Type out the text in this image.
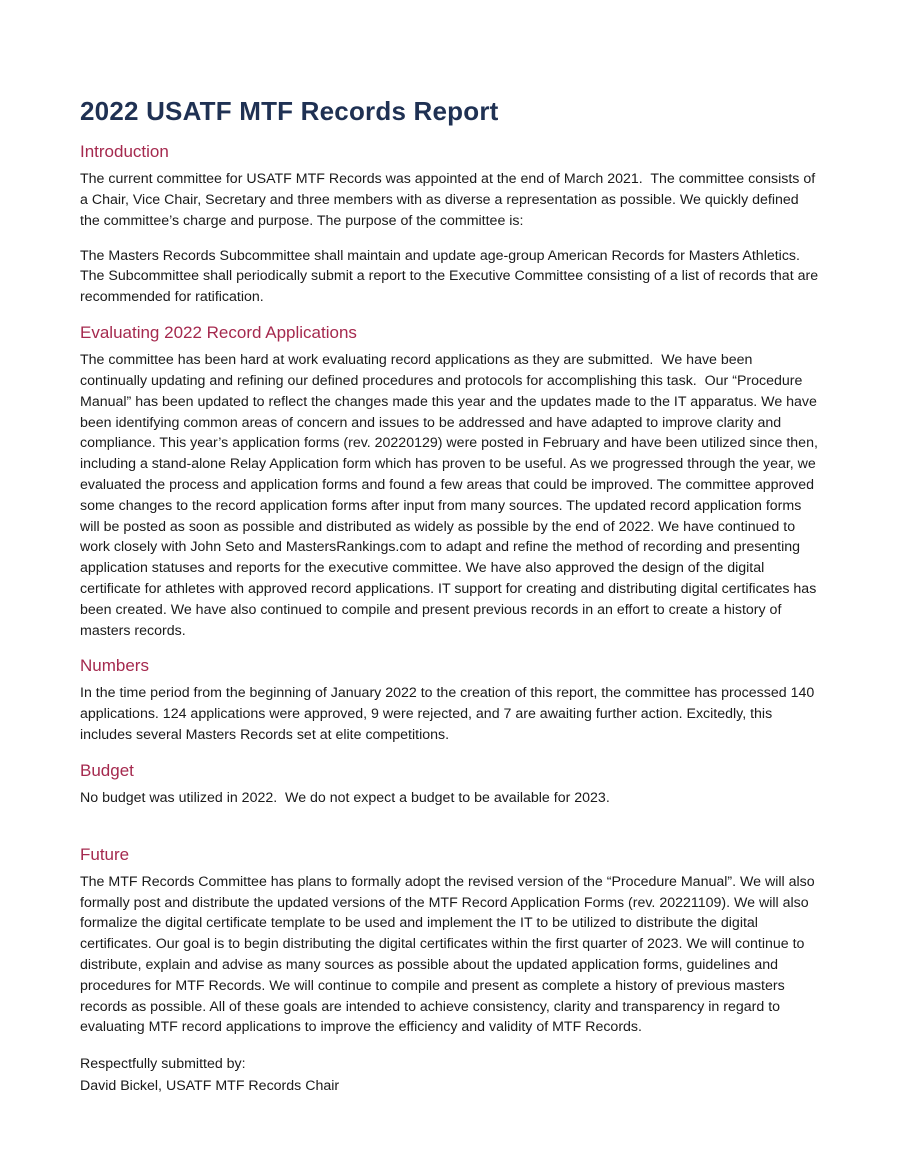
2022 USATF MTF Records Report
Introduction

The current committee for USATF MTF Records was appointed at the end of March 2021.  The committee consists of a Chair, Vice Chair, Secretary and three members with as diverse a representation as possible. We quickly defined the committee’s charge and purpose. The purpose of the committee is:

The Masters Records Subcommittee shall maintain and update age-group American Records for Masters Athletics. The Subcommittee shall periodically submit a report to the Executive Committee consisting of a list of records that are recommended for ratification.

Evaluating 2022 Record Applications

The committee has been hard at work evaluating record applications as they are submitted.  We have been continually updating and refining our defined procedures and protocols for accomplishing this task.  Our “Procedure Manual” has been updated to reflect the changes made this year and the updates made to the IT apparatus. We have been identifying common areas of concern and issues to be addressed and have adapted to improve clarity and compliance. This year’s application forms (rev. 20220129) were posted in February and have been utilized since then, including a stand-alone Relay Application form which has proven to be useful. As we progressed through the year, we evaluated the process and application forms and found a few areas that could be improved. The committee approved some changes to the record application forms after input from many sources. The updated record application forms will be posted as soon as possible and distributed as widely as possible by the end of 2022. We have continued to work closely with John Seto and MastersRankings.com to adapt and refine the method of recording and presenting application statuses and reports for the executive committee. We have also approved the design of the digital certificate for athletes with approved record applications. IT support for creating and distributing digital certificates has been created. We have also continued to compile and present previous records in an effort to create a history of masters records.

Numbers

In the time period from the beginning of January 2022 to the creation of this report, the committee has processed 140 applications. 124 applications were approved, 9 were rejected, and 7 are awaiting further action. Excitedly, this includes several Masters Records set at elite competitions.

Budget

No budget was utilized in 2022.  We do not expect a budget to be available for 2023.

Future

The MTF Records Committee has plans to formally adopt the revised version of the “Procedure Manual”. We will also formally post and distribute the updated versions of the MTF Record Application Forms (rev. 20221109). We will also formalize the digital certificate template to be used and implement the IT to be utilized to distribute the digital certificates. Our goal is to begin distributing the digital certificates within the first quarter of 2023. We will continue to distribute, explain and advise as many sources as possible about the updated application forms, guidelines and procedures for MTF Records. We will continue to compile and present as complete a history of previous masters records as possible. All of these goals are intended to achieve consistency, clarity and transparency in regard to evaluating MTF record applications to improve the efficiency and validity of MTF Records.

Respectfully submitted by:
David Bickel, USATF MTF Records Chair
